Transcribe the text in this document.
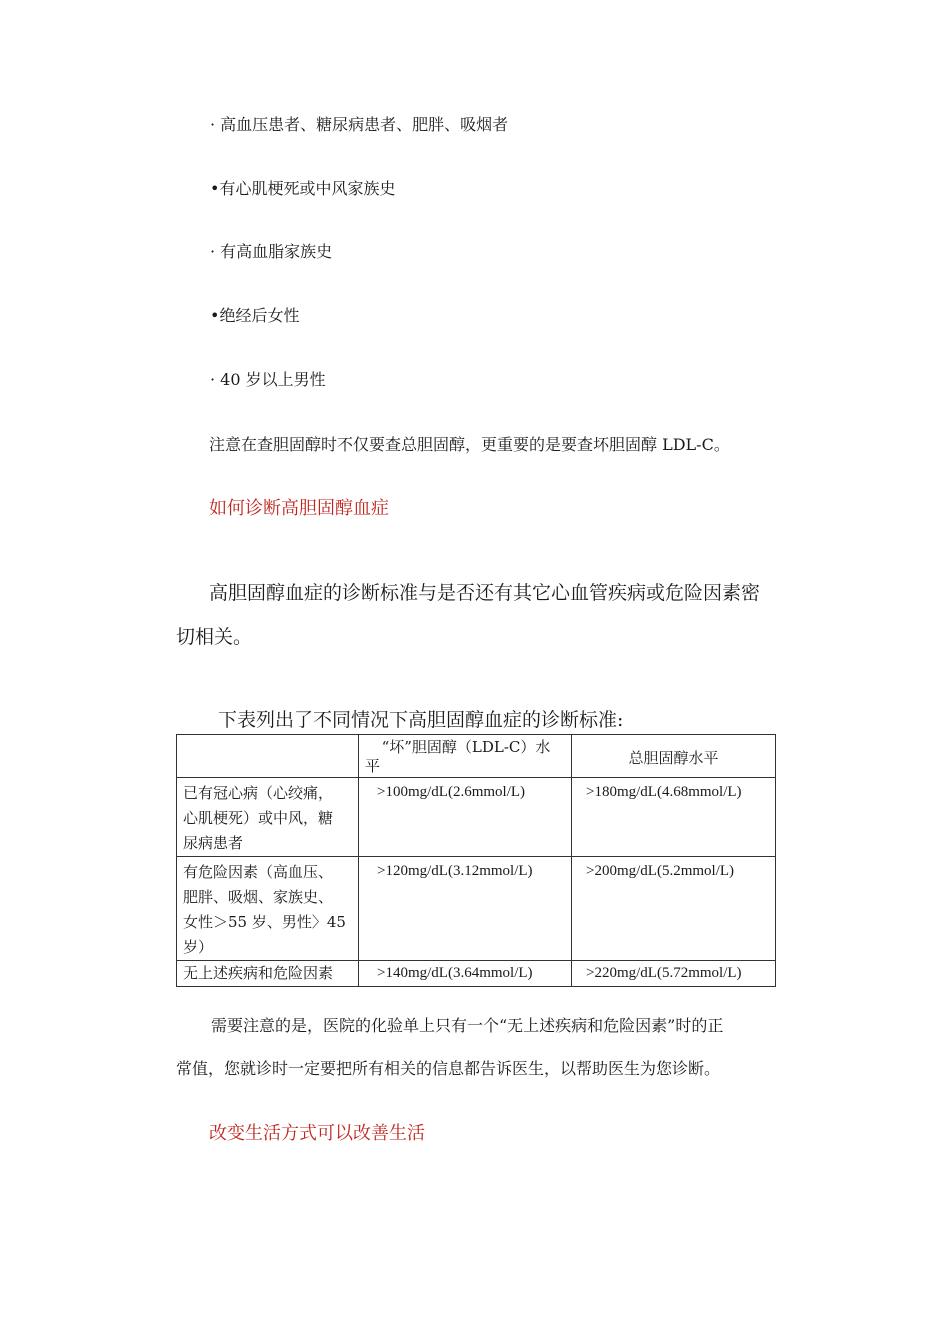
· 高血压患者、糖尿病患者、肥胖、吸烟者
•有心肌梗死或中风家族史
· 有高血脂家族史
•绝经后女性
· 40 岁以上男性
注意在查胆固醇时不仅要查总胆固醇，更重要的是要查坏胆固醇 LDL-C。
如何诊断高胆固醇血症
高胆固醇血症的诊断标准与是否还有其它心血管疾病或危险因素密
切相关。
下表列出了不同情况下高胆固醇血症的诊断标准:

	“坏”胆固醇（LDL-C）水
平	总胆固醇水平

已有冠心病（心绞痛，
心肌梗死）或中风，糖
尿病患者	>100mg/dL(2.6mmol/L)	>180mg/dL(4.68mmol/L)

有危险因素（高血压、
肥胖、吸烟、家族史、
女性＞55 岁、男性〉45
岁）	>120mg/dL(3.12mmol/L)	>200mg/dL(5.2mmol/L)

无上述疾病和危险因素	>140mg/dL(3.64mmol/L)	>220mg/dL(5.72mmol/L)
需要注意的是，医院的化验单上只有一个“无上述疾病和危险因素”时的正
常值，您就诊时一定要把所有相关的信息都告诉医生，以帮助医生为您诊断。
改变生活方式可以改善生活
